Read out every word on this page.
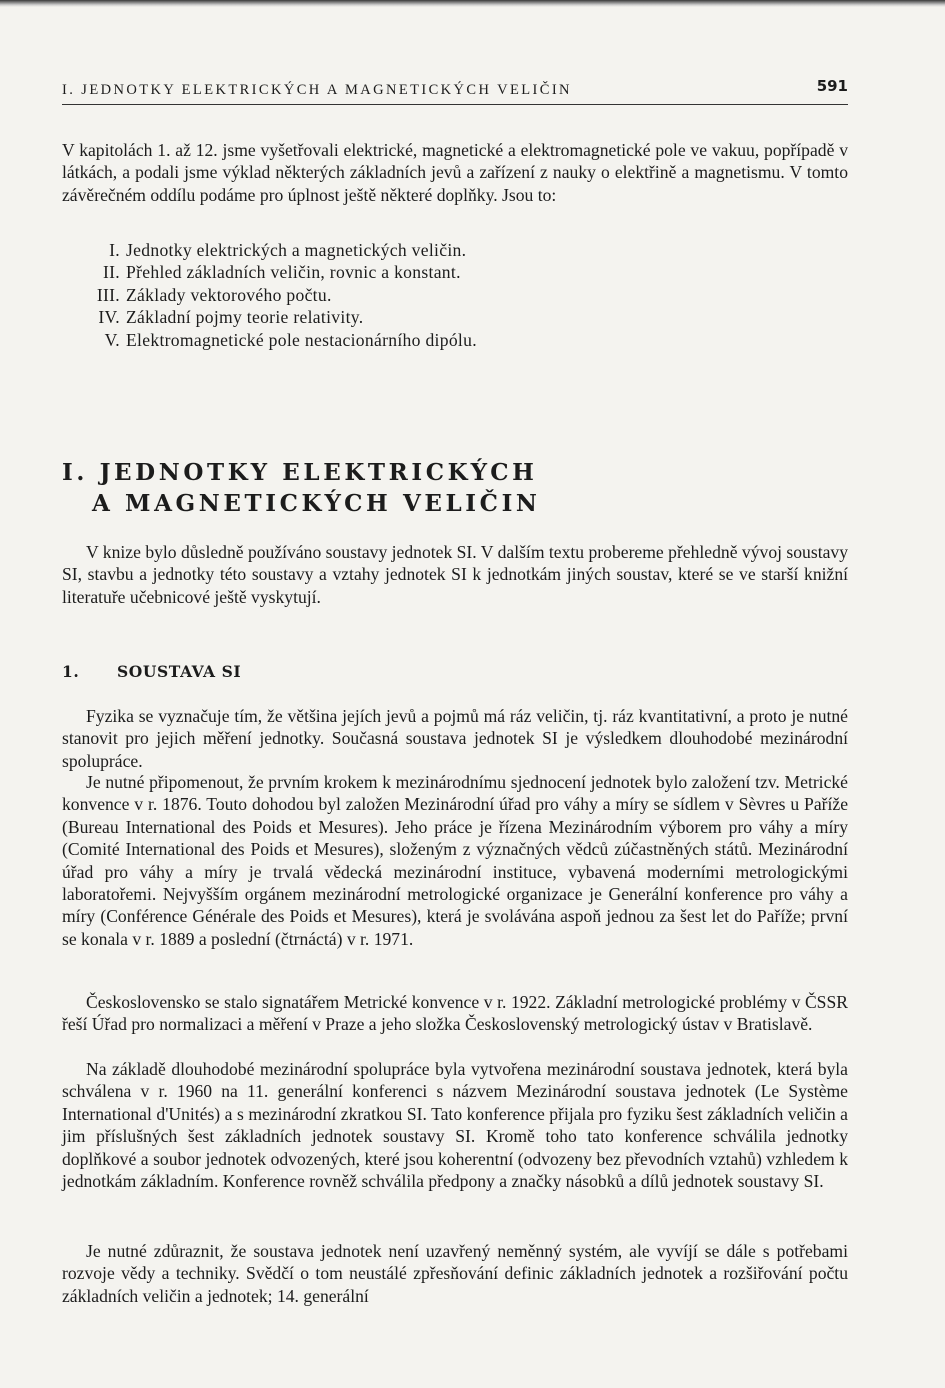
I. JEDNOTKY ELEKTRICKÝCH A MAGNETICKÝCH VELIČIN	591

V kapitolách 1. až 12. jsme vyšetřovali elektrické, magnetické a elektromagnetické pole ve vakuu, popřípadě v látkách, a podali jsme výklad některých základních jevů a zařízení z nauky o elektřině a magnetismu. V tomto závěrečném oddílu podáme pro úplnost ještě některé doplňky. Jsou to:

I. Jednotky elektrických a magnetických veličin.
II. Přehled základních veličin, rovnic a konstant.
III. Základy vektorového počtu.
IV. Základní pojmy teorie relativity.
V. Elektromagnetické pole nestacionárního dipólu.
I. JEDNOTKY ELEKTRICKÝCH
A MAGNETICKÝCH VELIČIN

V knize bylo důsledně používáno soustavy jednotek SI. V dalším textu probereme přehledně vývoj soustavy SI, stavbu a jednotky této soustavy a vztahy jednotek SI k jednotkám jiných soustav, které se ve starší knižní literatuře učebnicové ještě vyskytují.

1. SOUSTAVA SI

Fyzika se vyznačuje tím, že většina jejích jevů a pojmů má ráz veličin, tj. ráz kvantitativní, a proto je nutné stanovit pro jejich měření jednotky. Současná soustava jednotek SI je výsledkem dlouhodobé mezinárodní spolupráce.

Je nutné připomenout, že prvním krokem k mezinárodnímu sjednocení jednotek bylo založení tzv. Metrické konvence v r. 1876. Touto dohodou byl založen Mezinárodní úřad pro váhy a míry se sídlem v Sèvres u Paříže (Bureau International des Poids et Mesures). Jeho práce je řízena Mezinárodním výborem pro váhy a míry (Comité International des Poids et Mesures), složeným z význačných vědců zúčastněných států. Mezinárodní úřad pro váhy a míry je trvalá vědecká mezinárodní instituce, vybavená moderními metrologickými laboratořemi. Nejvyšším orgánem mezinárodní metrologické organizace je Generální konference pro váhy a míry (Conférence Générale des Poids et Mesures), která je svolávána aspoň jednou za šest let do Paříže; první se konala v r. 1889 a poslední (čtrnáctá) v r. 1971.

Československo se stalo signatářem Metrické konvence v r. 1922. Základní metrologické problémy v ČSSR řeší Úřad pro normalizaci a měření v Praze a jeho složka Československý metrologický ústav v Bratislavě.

Na základě dlouhodobé mezinárodní spolupráce byla vytvořena mezinárodní soustava jednotek, která byla schválena v r. 1960 na 11. generální konferenci s názvem Mezinárodní soustava jednotek (Le Système International d'Unités) a s mezinárodní zkratkou SI. Tato konference přijala pro fyziku šest základních veličin a jim příslušných šest základních jednotek soustavy SI. Kromě toho tato konference schválila jednotky doplňkové a soubor jednotek odvozených, které jsou koherentní (odvozeny bez převodních vztahů) vzhledem k jednotkám základním. Konference rovněž schválila předpony a značky násobků a dílů jednotek soustavy SI.

Je nutné zdůraznit, že soustava jednotek není uzavřený neměnný systém, ale vyvíjí se dále s potřebami rozvoje vědy a techniky. Svědčí o tom neustálé zpřesňování definic základních jednotek a rozšiřování počtu základních veličin a jednotek; 14. generální
